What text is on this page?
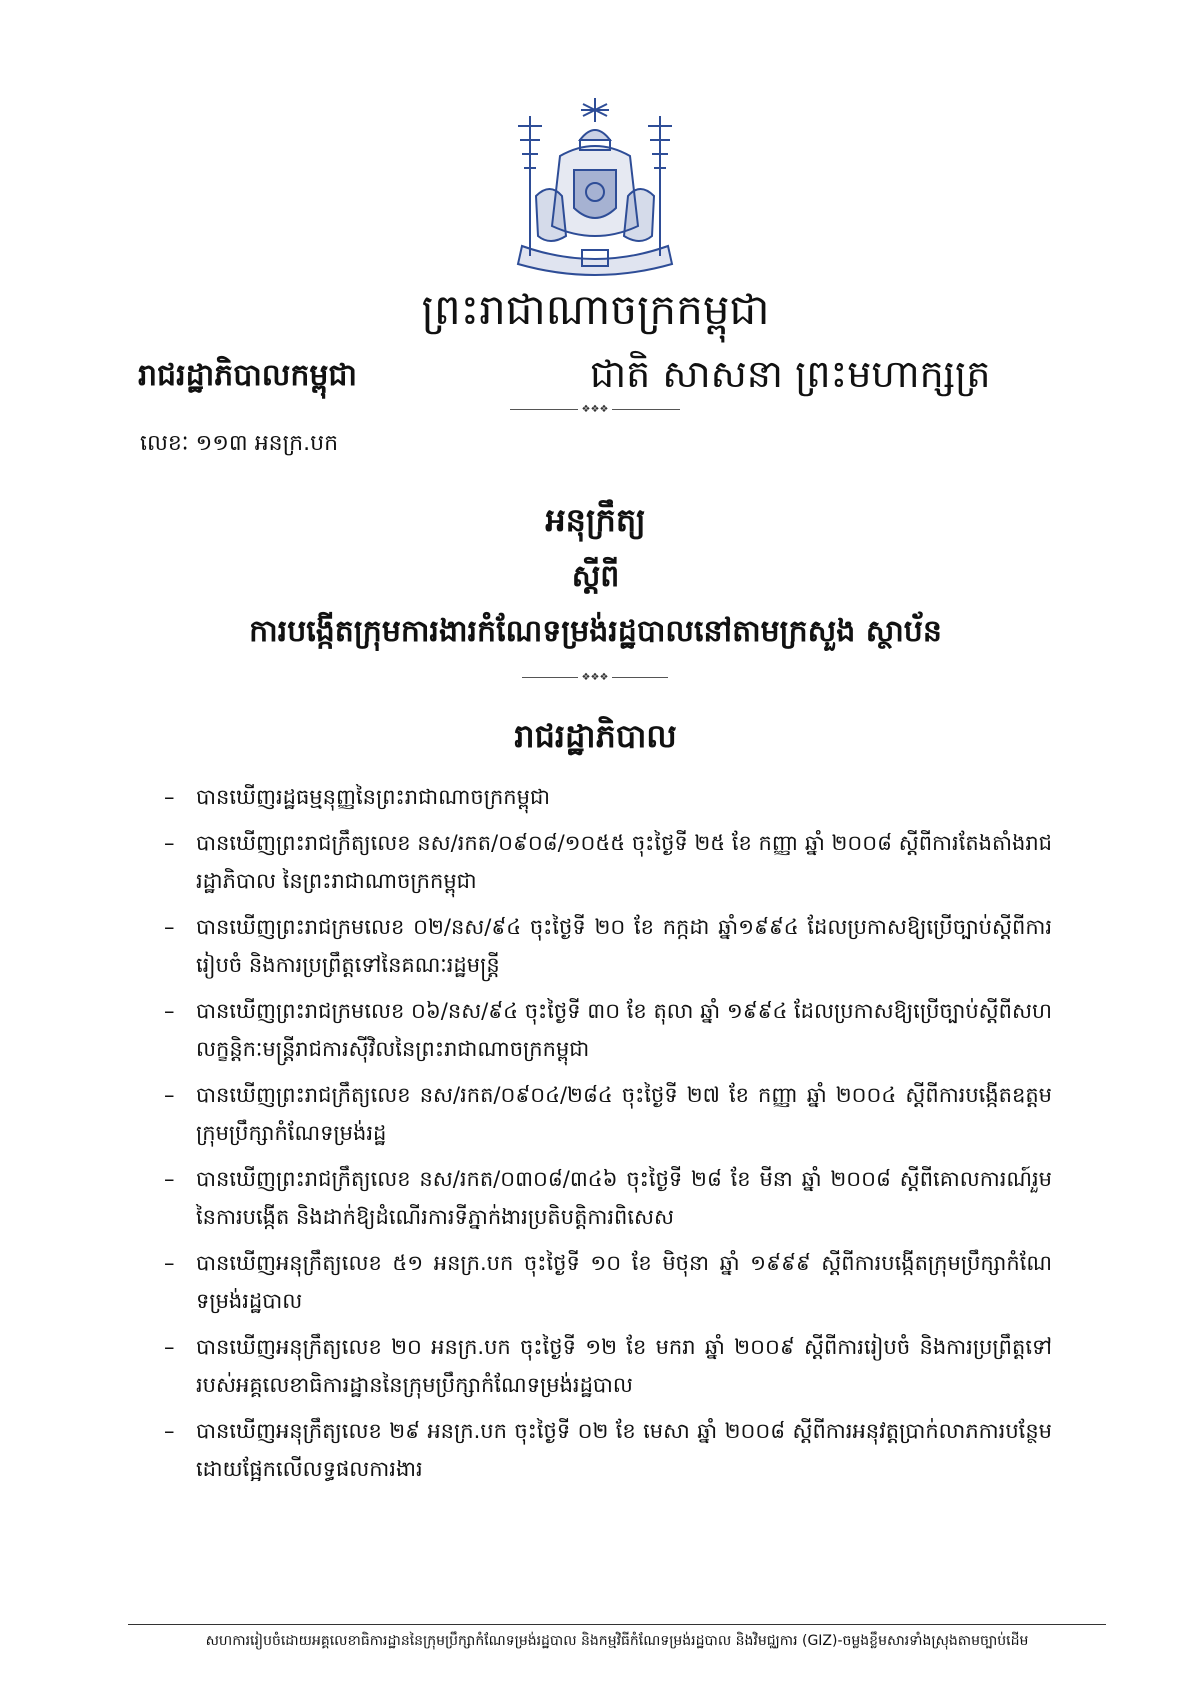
ព្រះរាជាណាចក្រកម្ពុជា
រាជរដ្ឋាភិបាលកម្ពុជា	ជាតិ សាសនា ព្រះមហាក្សត្រ
❖❖❖
លេខៈ ១១៣ អនក្រ.បក
អនុក្រឹត្យ
ស្តីពី
ការបង្កើតក្រុមការងារកំណែទម្រង់រដ្ឋបាលនៅតាមក្រសួង ស្ថាប័ន
❖❖❖
រាជរដ្ឋាភិបាល
– បានឃើញរដ្ឋធម្មនុញ្ញនៃព្រះរាជាណាចក្រកម្ពុជា
– បានឃើញព្រះរាជក្រឹត្យលេខ នស/រកត/០៩០៨/១០៥៥ ចុះថ្ងៃទី ២៥ ខែ កញ្ញា ឆ្នាំ ២០០៨ ស្តីពីការតែងតាំងរាជរដ្ឋាភិបាល នៃព្រះរាជាណាចក្រកម្ពុជា
– បានឃើញព្រះរាជក្រមលេខ ០២/នស/៩៤ ចុះថ្ងៃទី ២០ ខែ កក្កដា ឆ្នាំ១៩៩៤ ដែលប្រកាសឱ្យប្រើច្បាប់ស្តីពីការរៀបចំ និងការប្រព្រឹត្តទៅនៃគណៈរដ្ឋមន្ត្រី
– បានឃើញព្រះរាជក្រមលេខ ០៦/នស/៩៤ ចុះថ្ងៃទី ៣០ ខែ តុលា ឆ្នាំ ១៩៩៤ ដែលប្រកាសឱ្យប្រើច្បាប់ស្តីពីសហលក្ខន្តិកៈមន្ត្រីរាជការស៊ីវិលនៃព្រះរាជាណាចក្រកម្ពុជា
– បានឃើញព្រះរាជក្រឹត្យលេខ នស/រកត/០៩០៤/២៨៤ ចុះថ្ងៃទី ២៧ ខែ កញ្ញា ឆ្នាំ ២០០៤ ស្តីពីការបង្កើតឧត្តមក្រុមប្រឹក្សាកំណែទម្រង់រដ្ឋ
– បានឃើញព្រះរាជក្រឹត្យលេខ នស/រកត/០៣០៨/៣៤៦ ចុះថ្ងៃទី ២៨ ខែ មីនា ឆ្នាំ ២០០៨ ស្តីពីគោលការណ៍រួមនៃការបង្កើត និងដាក់ឱ្យដំណើរការទីភ្នាក់ងារប្រតិបត្តិការពិសេស
– បានឃើញអនុក្រឹត្យលេខ ៥១ អនក្រ.បក ចុះថ្ងៃទី ១០ ខែ មិថុនា ឆ្នាំ ១៩៩៩ ស្តីពីការបង្កើតក្រុមប្រឹក្សាកំណែទម្រង់រដ្ឋបាល
– បានឃើញអនុក្រឹត្យលេខ ២០ អនក្រ.បក ចុះថ្ងៃទី ១២ ខែ មករា ឆ្នាំ ២០០៩ ស្តីពីការរៀបចំ និងការប្រព្រឹត្តទៅរបស់អគ្គលេខាធិការដ្ឋាននៃក្រុមប្រឹក្សាកំណែទម្រង់រដ្ឋបាល
– បានឃើញអនុក្រឹត្យលេខ ២៩ អនក្រ.បក ចុះថ្ងៃទី ០២ ខែ មេសា ឆ្នាំ ២០០៨ ស្តីពីការអនុវត្តប្រាក់លាភការបន្ថែមដោយផ្អែកលើលទ្ធផលការងារ
សហការរៀបចំដោយអគ្គលេខាធិការដ្ឋាននៃក្រុមប្រឹក្សាកំណែទម្រង់រដ្ឋបាល និងកម្មវិធីកំណែទម្រង់រដ្ឋបាល និងវិមជ្ឈការ (GIZ)-ចម្លងខ្លឹមសារទាំងស្រុងតាមច្បាប់ដើម
